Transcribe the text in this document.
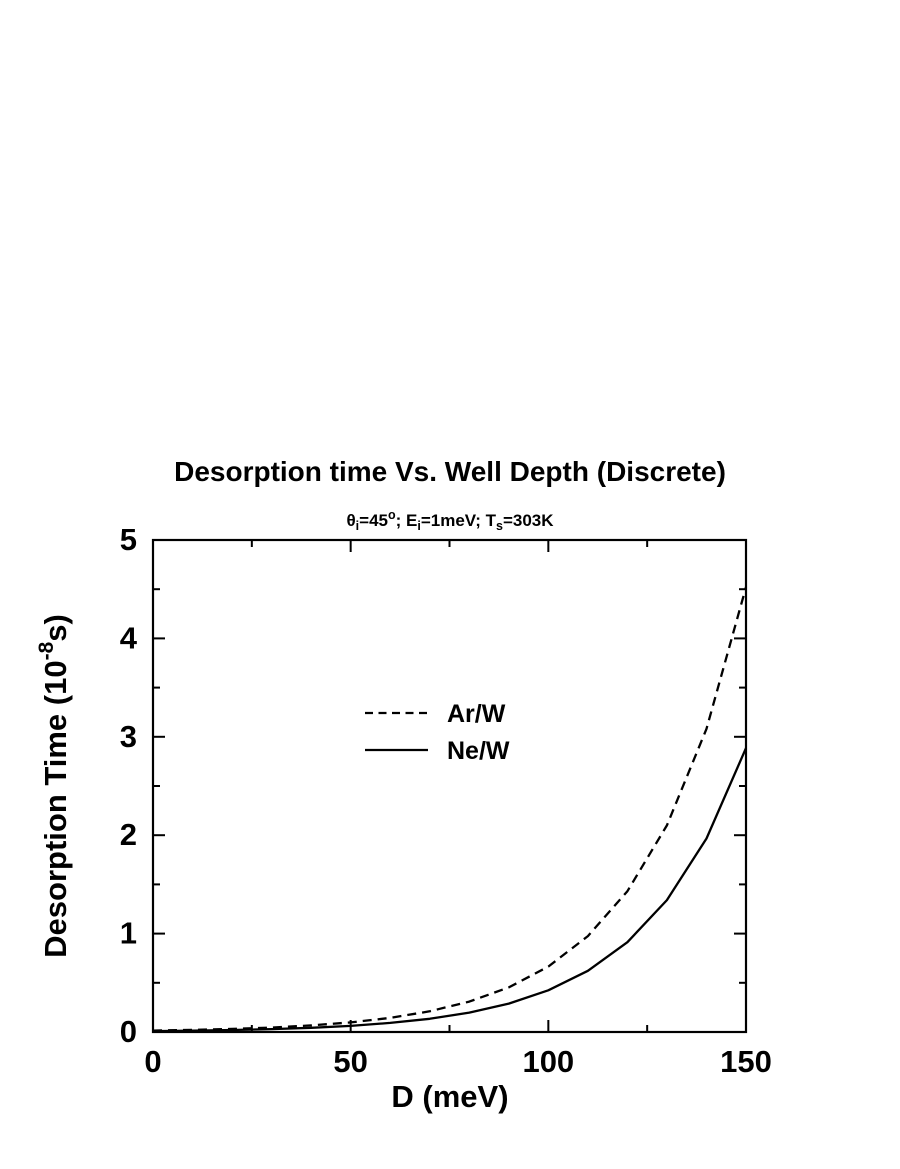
Desorption time Vs. Well Depth (Discrete)
$\theta_i=45^o$; $E_i=1meV$; $T_s=303K$
0	50	100	150
0
1
2
3
4
5
Ar/W
Ne/W
D (meV)
Desorption Time $(10^{-8}s)$
